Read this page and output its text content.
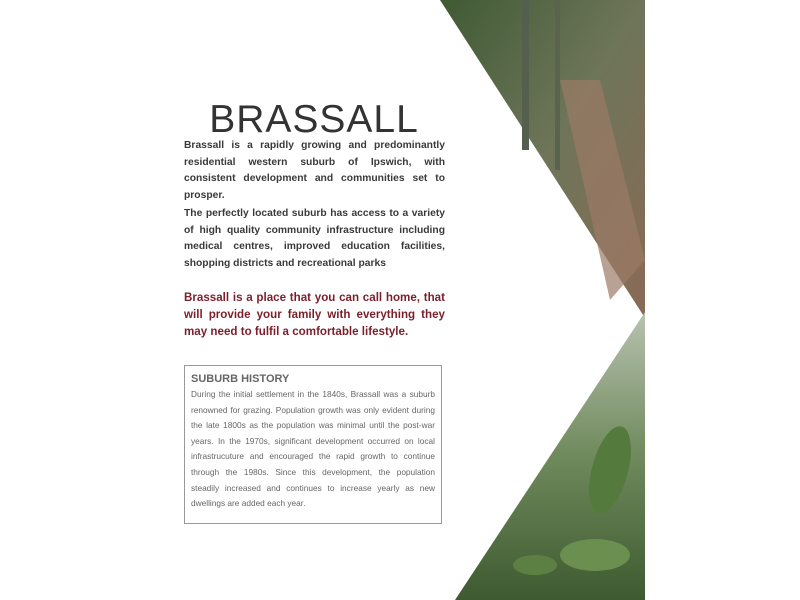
BRASSALL

Brassall is a rapidly growing and predominantly residential western suburb of Ipswich, with consistent development and communities set to prosper.

The perfectly located suburb has access to a variety of high quality community infrastructure including medical centres, improved education facilities, shopping districts and recreational parks

Brassall is a place that you can call home, that will provide your family with everything they may need to fulfil a comfortable lifestyle.

SUBURB HISTORY

During the initial settlement in the 1840s, Brassall was a suburb renowned for grazing. Population growth was only evident during the late 1800s as the population was minimal until the post-war years. In the 1970s, significant development occurred on local infrastrucuture and encouraged the rapid growth to continue through the 1980s. Since this development, the population steadily increased and continues to increase yearly as new dwellings are added each year.
